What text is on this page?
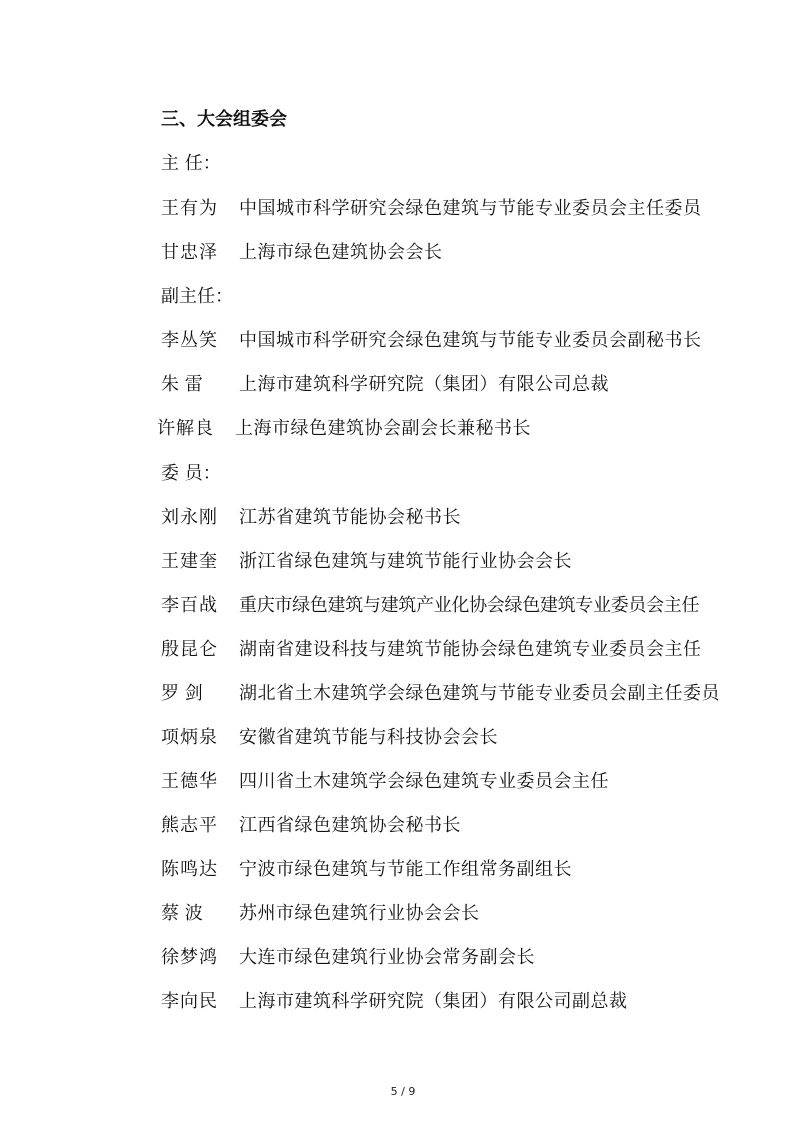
三、大会组委会
主 任：
王有为 中国城市科学研究会绿色建筑与节能专业委员会主任委员
甘忠泽 上海市绿色建筑协会会长
副主任：
李丛笑 中国城市科学研究会绿色建筑与节能专业委员会副秘书长
朱 雷 上海市建筑科学研究院（集团）有限公司总裁
许解良 上海市绿色建筑协会副会长兼秘书长
委 员：
刘永刚 江苏省建筑节能协会秘书长
王建奎 浙江省绿色建筑与建筑节能行业协会会长
李百战 重庆市绿色建筑与建筑产业化协会绿色建筑专业委员会主任
殷昆仑 湖南省建设科技与建筑节能协会绿色建筑专业委员会主任
罗 剑 湖北省土木建筑学会绿色建筑与节能专业委员会副主任委员
项炳泉 安徽省建筑节能与科技协会会长
王德华 四川省土木建筑学会绿色建筑专业委员会主任
熊志平 江西省绿色建筑协会秘书长
陈鸣达 宁波市绿色建筑与节能工作组常务副组长
蔡 波 苏州市绿色建筑行业协会会长
徐梦鸿 大连市绿色建筑行业协会常务副会长
李向民 上海市建筑科学研究院（集团）有限公司副总裁
5 / 9
